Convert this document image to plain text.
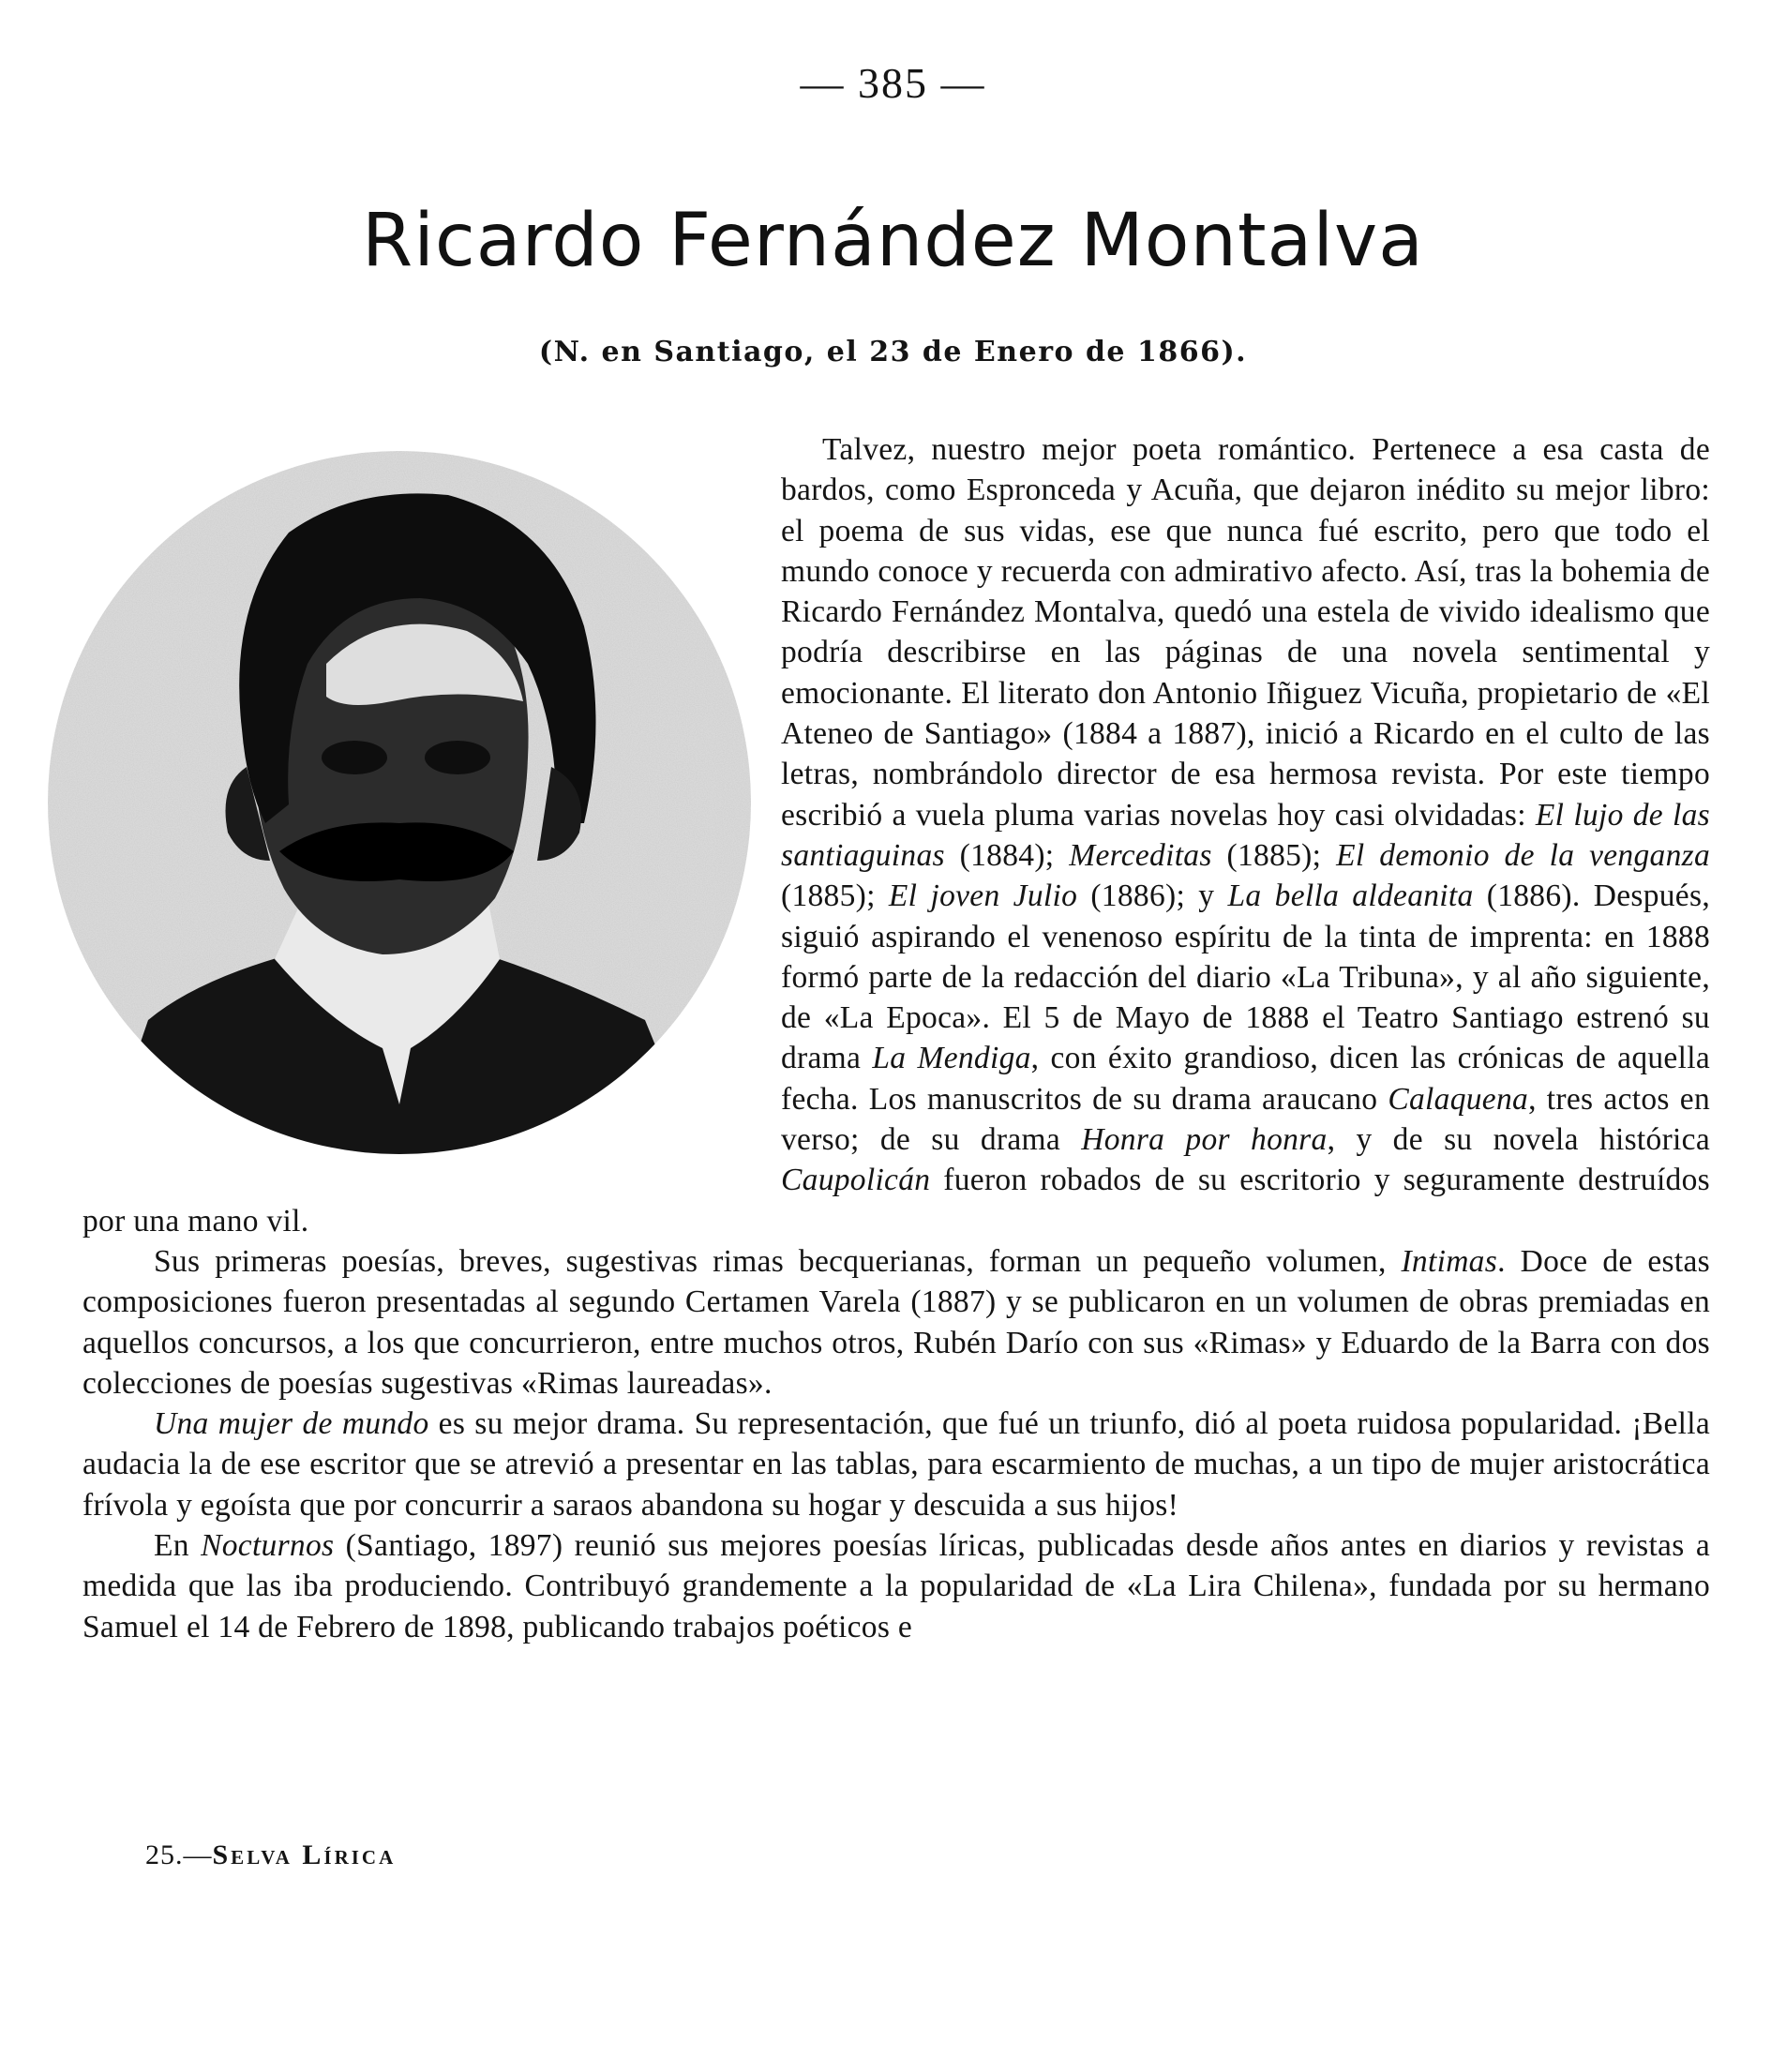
— 385 —
Ricardo Fernández Montalva
(N. en Santiago, el 23 de Enero de 1866).

Talvez, nuestro mejor poeta romántico. Pertenece a esa casta de bardos, como Espronceda y Acuña, que dejaron inédito su mejor libro: el poema de sus vidas, ese que nunca fué escrito, pero que todo el mundo conoce y recuerda con admirativo afecto. Así, tras la bohemia de Ricardo Fernández Montalva, quedó una estela de vivido idealismo que podría describirse en las páginas de una novela sentimental y emocionante. El literato don Antonio Iñiguez Vicuña, propietario de «El Ateneo de Santiago» (1884 a 1887), inició a Ricardo en el culto de las letras, nombrándolo director de esa hermosa revista. Por este tiempo escribió a vuela pluma varias novelas hoy casi olvidadas: El lujo de las santiaguinas (1884); Merceditas (1885); El demonio de la venganza (1885); El joven Julio (1886); y La bella aldeanita (1886). Después, siguió aspirando el venenoso espíritu de la tinta de imprenta: en 1888 formó parte de la redacción del diario «La Tribuna», y al año siguiente, de «La Epoca». El 5 de Mayo de 1888 el Teatro Santiago estrenó su drama La Mendiga, con éxito grandioso, dicen las crónicas de aquella fecha. Los manuscritos de su drama araucano Calaquena, tres actos en verso; de su drama Honra por honra, y de su novela histórica Caupolicán fueron robados de su escritorio y seguramente destruídos por una mano vil.

Sus primeras poesías, breves, sugestivas rimas becquerianas, forman un pequeño volumen, Intimas. Doce de estas composiciones fueron presentadas al segundo Certamen Varela (1887) y se publicaron en un volumen de obras premiadas en aquellos concursos, a los que concurrieron, entre muchos otros, Rubén Darío con sus «Rimas» y Eduardo de la Barra con dos colecciones de poesías sugestivas «Rimas laureadas».

Una mujer de mundo es su mejor drama. Su representación, que fué un triunfo, dió al poeta ruidosa popularidad. ¡Bella audacia la de ese escritor que se atrevió a presentar en las tablas, para escarmiento de muchas, a un tipo de mujer aristocrática frívola y egoísta que por concurrir a saraos abandona su hogar y descuida a sus hijos!

En Nocturnos (Santiago, 1897) reunió sus mejores poesías líricas, publicadas desde años antes en diarios y revistas a medida que las iba produciendo. Contribuyó grandemente a la popularidad de «La Lira Chilena», fundada por su hermano Samuel el 14 de Febrero de 1898, publicando trabajos poéticos e

25.—Selva Lírica
